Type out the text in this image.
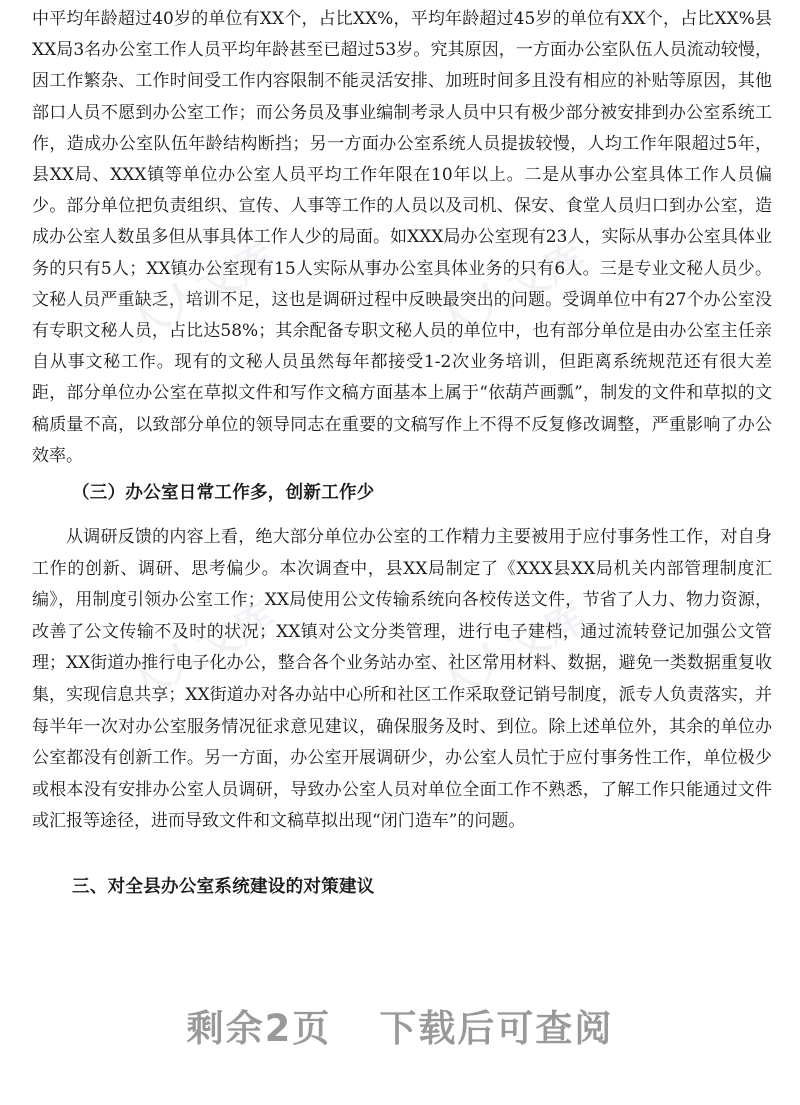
人人文库	人人文库
人人文库	人人文库

中平均年龄超过40岁的单位有XX个，占比XX%，平均年龄超过45岁的单位有XX个，占比XX%县XX局3名办公室工作人员平均年龄甚至已超过53岁。究其原因，一方面办公室队伍人员流动较慢，因工作繁杂、工作时间受工作内容限制不能灵活安排、加班时间多且没有相应的补贴等原因，其他部口人员不愿到办公室工作；而公务员及事业编制考录人员中只有极少部分被安排到办公室系统工作，造成办公室队伍年龄结构断挡；另一方面办公室系统人员提拔较慢，人均工作年限超过5年，县XX局、XXX镇等单位办公室人员平均工作年限在10年以上。二是从事办公室具体工作人员偏少。部分单位把负责组织、宣传、人事等工作的人员以及司机、保安、食堂人员归口到办公室，造成办公室人数虽多但从事具体工作人少的局面。如XXX局办公室现有23人，实际从事办公室具体业务的只有5人；XX镇办公室现有15人实际从事办公室具体业务的只有6人。三是专业文秘人员少。文秘人员严重缺乏，培训不足，这也是调研过程中反映最突出的问题。受调单位中有27个办公室没有专职文秘人员，占比达58%；其余配备专职文秘人员的单位中，也有部分单位是由办公室主任亲自从事文秘工作。现有的文秘人员虽然每年都接受1-2次业务培训，但距离系统规范还有很大差距，部分单位办公室在草拟文件和写作文稿方面基本上属于“依葫芦画瓢”，制发的文件和草拟的文稿质量不高，以致部分单位的领导同志在重要的文稿写作上不得不反复修改调整，严重影响了办公效率。

（三）办公室日常工作多，创新工作少

从调研反馈的内容上看，绝大部分单位办公室的工作精力主要被用于应付事务性工作，对自身工作的创新、调研、思考偏少。本次调查中，县XX局制定了《XXX县XX局机关内部管理制度汇编》，用制度引领办公室工作；XX局使用公文传输系统向各校传送文件，节省了人力、物力资源，改善了公文传输不及时的状况；XX镇对公文分类管理，进行电子建档，通过流转登记加强公文管理；XX街道办推行电子化办公，整合各个业务站办室、社区常用材料、数据，避免一类数据重复收集，实现信息共享；XX街道办对各办站中心所和社区工作采取登记销号制度，派专人负责落实，并每半年一次对办公室服务情况征求意见建议，确保服务及时、到位。除上述单位外，其余的单位办公室都没有创新工作。另一方面，办公室开展调研少，办公室人员忙于应付事务性工作，单位极少或根本没有安排办公室人员调研，导致办公室人员对单位全面工作不熟悉，了解工作只能通过文件或汇报等途径，进而导致文件和文稿草拟出现“闭门造车”的问题。

三、对全县办公室系统建设的对策建议
剩余2页 下载后可查阅
